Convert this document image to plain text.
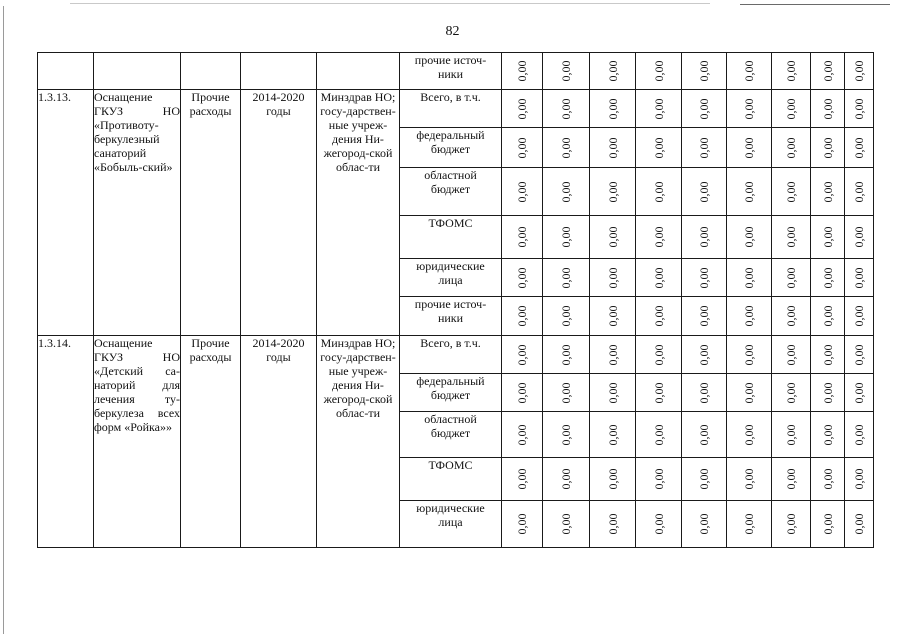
82
					прочие источ-
ники	0,00	0,00	0,00	0,00	0,00	0,00	0,00	0,00	0,00

1.3.13.	Оснащение ГКУЗ НО «Противоту-беркулезный санаторий «Бобыль-ский»	Прочие расходы	2014-2020 годы	Минздрав НО; госу-дарствен-ные учреж-дения Ни-жегород-ской облас-ти	Всего, в т.ч.	0,00	0,00	0,00	0,00	0,00	0,00	0,00	0,00	0,00

					федеральный
бюджет	0,00	0,00	0,00	0,00	0,00	0,00	0,00	0,00	0,00

					областной
бюджет	0,00	0,00	0,00	0,00	0,00	0,00	0,00	0,00	0,00

					ТФОМС	0,00	0,00	0,00	0,00	0,00	0,00	0,00	0,00	0,00

					юридические
лица	0,00	0,00	0,00	0,00	0,00	0,00	0,00	0,00	0,00

					прочие источ-
ники	0,00	0,00	0,00	0,00	0,00	0,00	0,00	0,00	0,00

1.3.14.	Оснащение ГКУЗ НО «Детский са-наторий для лечения ту-беркулеза всех форм «Ройка»»	Прочие расходы	2014-2020 годы	Минздрав НО; госу-дарствен-ные учреж-дения Ни-жегород-ской облас-ти	Всего, в т.ч.	0,00	0,00	0,00	0,00	0,00	0,00	0,00	0,00	0,00

					федеральный
бюджет	0,00	0,00	0,00	0,00	0,00	0,00	0,00	0,00	0,00

					областной
бюджет	0,00	0,00	0,00	0,00	0,00	0,00	0,00	0,00	0,00

					ТФОМС	0,00	0,00	0,00	0,00	0,00	0,00	0,00	0,00	0,00

					юридические
лица	0,00	0,00	0,00	0,00	0,00	0,00	0,00	0,00	0,00
